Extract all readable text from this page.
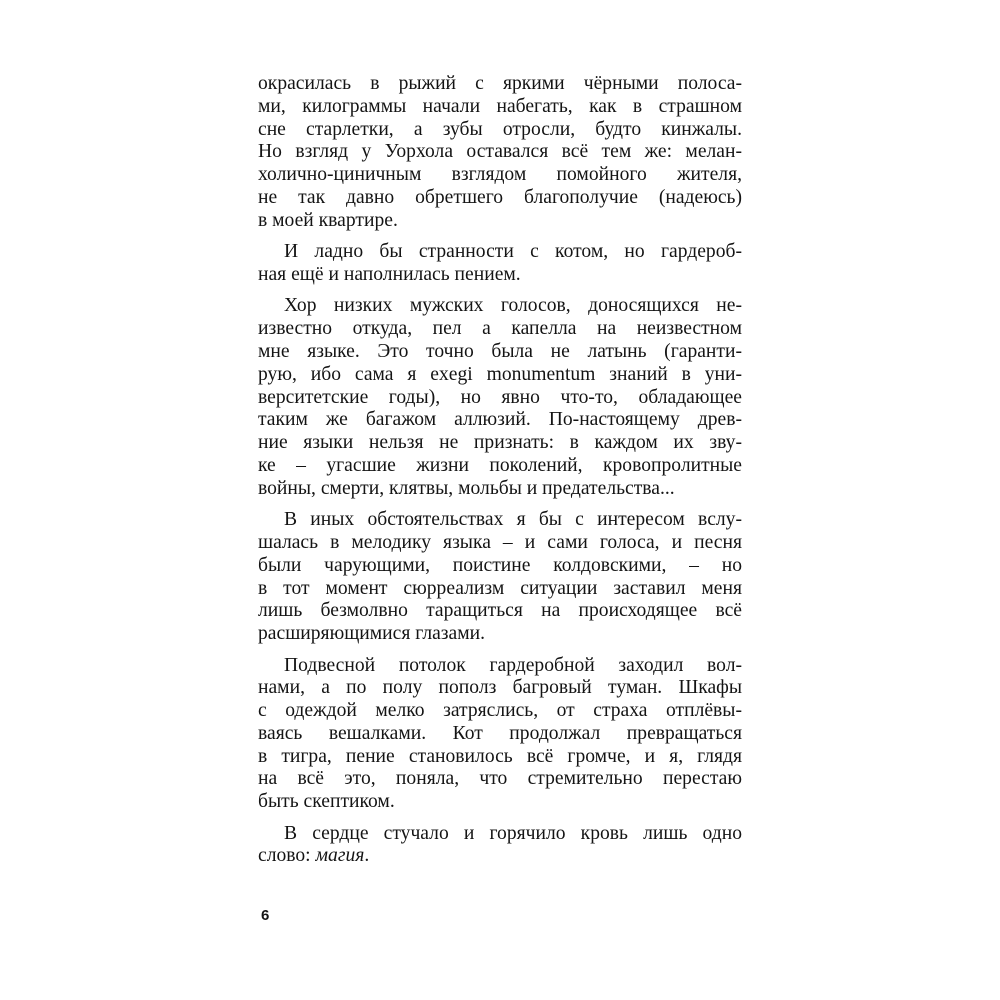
окрасилась в рыжий с яркими чёрными полоса-
ми, килограммы начали набегать, как в страшном
сне старлетки, а зубы отросли, будто кинжалы.
Но взгляд у Уорхола оставался всё тем же: мелан-
холично-циничным взглядом помойного жителя,
не так давно обретшего благополучие (надеюсь)
в моей квартире.
И ладно бы странности с котом, но гардероб-
ная ещё и наполнилась пением.
Хор низких мужских голосов, доносящихся не-
известно откуда, пел а капелла на неизвестном
мне языке. Это точно была не латынь (гаранти-
рую, ибо сама я exegi monumentum знаний в уни-
верситетские годы), но явно что-то, обладающее
таким же багажом аллюзий. По-настоящему древ-
ние языки нельзя не признать: в каждом их зву-
ке – угасшие жизни поколений, кровопролитные
войны, смерти, клятвы, мольбы и предательства...
В иных обстоятельствах я бы с интересом вслу-
шалась в мелодику языка – и сами голоса, и песня
были чарующими, поистине колдовскими, – но
в тот момент сюрреализм ситуации заставил меня
лишь безмолвно таращиться на происходящее всё
расширяющимися глазами.
Подвесной потолок гардеробной заходил вол-
нами, а по полу пополз багровый туман. Шкафы
с одеждой мелко затряслись, от страха отплёвы-
ваясь вешалками. Кот продолжал превращаться
в тигра, пение становилось всё громче, и я, глядя
на всё это, поняла, что стремительно перестаю
быть скептиком.
В сердце стучало и горячило кровь лишь одно
слово: магия.
6
